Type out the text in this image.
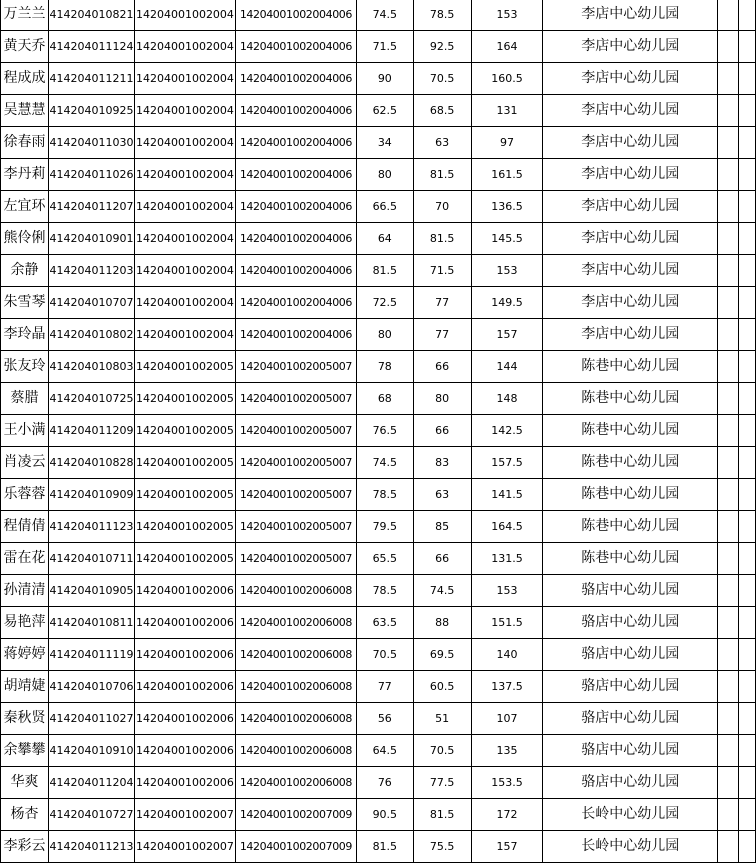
万兰兰	414204010821	14204001002004	14204001002004006	74.5	78.5	153	李店中心幼儿园		
黄天乔	414204011124	14204001002004	14204001002004006	71.5	92.5	164	李店中心幼儿园		
程成成	414204011211	14204001002004	14204001002004006	90	70.5	160.5	李店中心幼儿园		
吴慧慧	414204010925	14204001002004	14204001002004006	62.5	68.5	131	李店中心幼儿园		
徐春雨	414204011030	14204001002004	14204001002004006	34	63	97	李店中心幼儿园		
李丹莉	414204011026	14204001002004	14204001002004006	80	81.5	161.5	李店中心幼儿园		
左宜环	414204011207	14204001002004	14204001002004006	66.5	70	136.5	李店中心幼儿园		
熊伶俐	414204010901	14204001002004	14204001002004006	64	81.5	145.5	李店中心幼儿园		
余静	414204011203	14204001002004	14204001002004006	81.5	71.5	153	李店中心幼儿园		
朱雪琴	414204010707	14204001002004	14204001002004006	72.5	77	149.5	李店中心幼儿园		
李玲晶	414204010802	14204001002004	14204001002004006	80	77	157	李店中心幼儿园		
张友玲	414204010803	14204001002005	14204001002005007	78	66	144	陈巷中心幼儿园		
蔡腊	414204010725	14204001002005	14204001002005007	68	80	148	陈巷中心幼儿园		
王小满	414204011209	14204001002005	14204001002005007	76.5	66	142.5	陈巷中心幼儿园		
肖凌云	414204010828	14204001002005	14204001002005007	74.5	83	157.5	陈巷中心幼儿园		
乐蓉蓉	414204010909	14204001002005	14204001002005007	78.5	63	141.5	陈巷中心幼儿园		
程倩倩	414204011123	14204001002005	14204001002005007	79.5	85	164.5	陈巷中心幼儿园		
雷在花	414204010711	14204001002005	14204001002005007	65.5	66	131.5	陈巷中心幼儿园		
孙清清	414204010905	14204001002006	14204001002006008	78.5	74.5	153	骆店中心幼儿园		
易艳萍	414204010811	14204001002006	14204001002006008	63.5	88	151.5	骆店中心幼儿园		
蒋婷婷	414204011119	14204001002006	14204001002006008	70.5	69.5	140	骆店中心幼儿园		
胡靖婕	414204010706	14204001002006	14204001002006008	77	60.5	137.5	骆店中心幼儿园		
秦秋贤	414204011027	14204001002006	14204001002006008	56	51	107	骆店中心幼儿园		
余攀攀	414204010910	14204001002006	14204001002006008	64.5	70.5	135	骆店中心幼儿园		
华爽	414204011204	14204001002006	14204001002006008	76	77.5	153.5	骆店中心幼儿园		
杨杏	414204010727	14204001002007	14204001002007009	90.5	81.5	172	长岭中心幼儿园		
李彩云	414204011213	14204001002007	14204001002007009	81.5	75.5	157	长岭中心幼儿园		
